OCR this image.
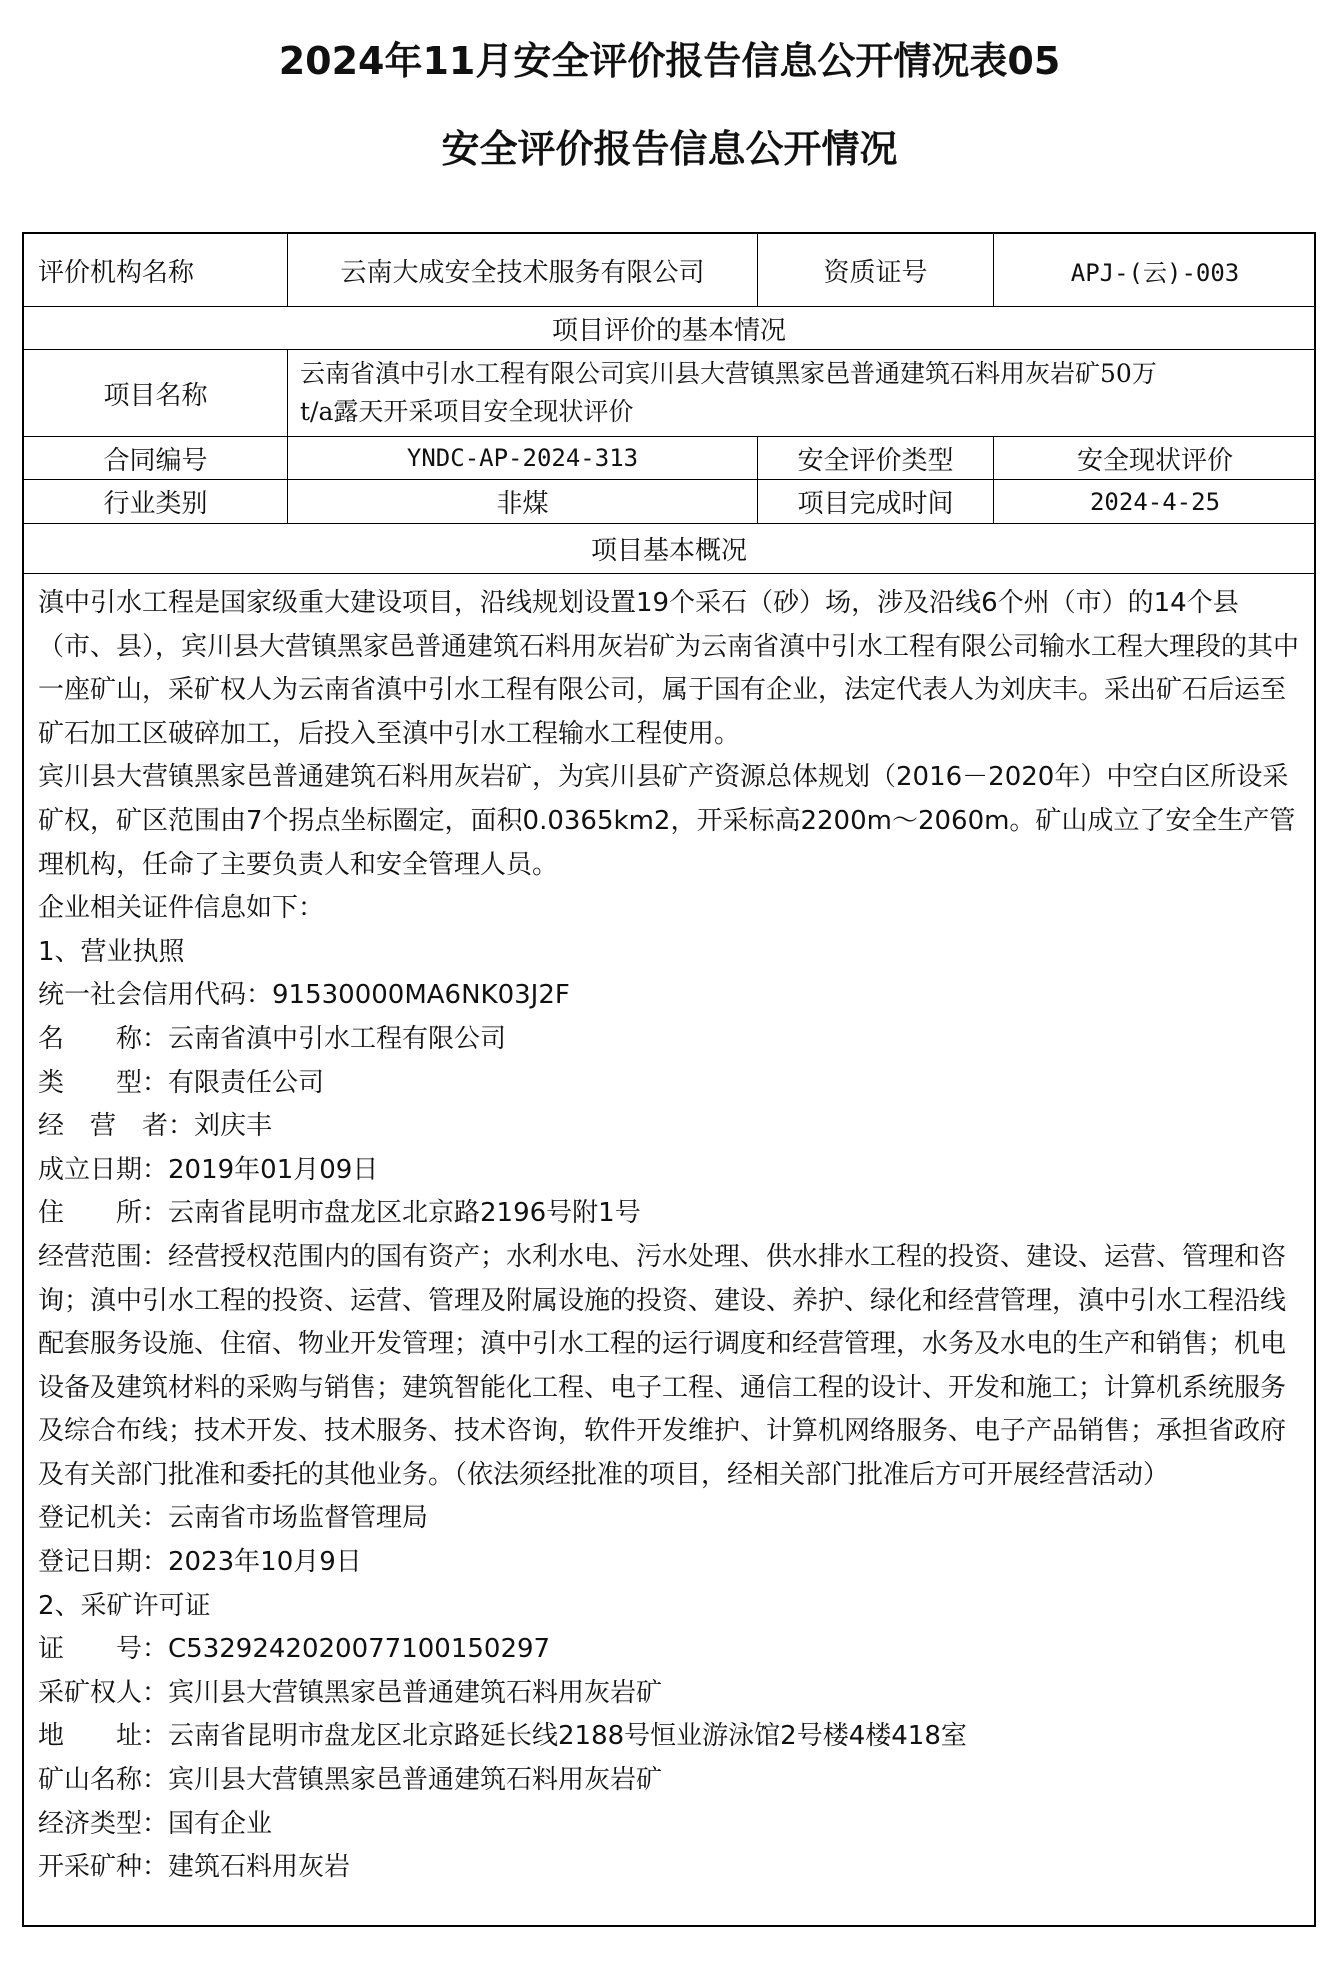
2024年11月安全评价报告信息公开情况表05
安全评价报告信息公开情况
评价机构名称	云南大成安全技术服务有限公司	资质证号	APJ-(云)-003
项目评价的基本情况
项目名称
云南省滇中引水工程有限公司宾川县大营镇黑家邑普通建筑石料用灰岩矿50万
t/a露天开采项目安全现状评价
合同编号	YNDC-AP-2024-313	安全评价类型	安全现状评价
行业类别	非煤	项目完成时间	2024-4-25
项目基本概况

滇中引水工程是国家级重大建设项目，沿线规划设置19个采石（砂）场，涉及沿线6个州（市）的14个县（市、县），宾川县大营镇黑家邑普通建筑石料用灰岩矿为云南省滇中引水工程有限公司输水工程大理段的其中一座矿山，采矿权人为云南省滇中引水工程有限公司，属于国有企业，法定代表人为刘庆丰。采出矿石后运至矿石加工区破碎加工，后投入至滇中引水工程输水工程使用。

宾川县大营镇黑家邑普通建筑石料用灰岩矿，为宾川县矿产资源总体规划（2016－2020年）中空白区所设采矿权，矿区范围由7个拐点坐标圈定，面积0.0365km2，开采标高2200m～2060m。矿山成立了安全生产管理机构，任命了主要负责人和安全管理人员。

企业相关证件信息如下：

1、营业执照

统一社会信用代码：91530000MA6NK03J2F

名　　称： 云南省滇中引水工程有限公司

类　　型： 有限责任公司

经　营　者： 刘庆丰

成立日期：2019年01月09日

住　　所： 云南省昆明市盘龙区北京路2196号附1号

经营范围：经营授权范围内的国有资产；水利水电、污水处理、供水排水工程的投资、建设、运营、管理和咨询；滇中引水工程的投资、运营、管理及附属设施的投资、建设、养护、绿化和经营管理，滇中引水工程沿线配套服务设施、住宿、物业开发管理；滇中引水工程的运行调度和经营管理，水务及水电的生产和销售；机电设备及建筑材料的采购与销售；建筑智能化工程、电子工程、通信工程的设计、开发和施工；计算机系统服务及综合布线；技术开发、技术服务、技术咨询，软件开发维护、计算机网络服务、电子产品销售；承担省政府及有关部门批准和委托的其他业务。（依法须经批准的项目，经相关部门批准后方可开展经营活动）

登记机关：云南省市场监督管理局

登记日期：2023年10月9日

2、采矿许可证

证　　号： C5329242020077100150297

采矿权人：宾川县大营镇黑家邑普通建筑石料用灰岩矿

地　　址： 云南省昆明市盘龙区北京路延长线2188号恒业游泳馆2号楼4楼418室

矿山名称：宾川县大营镇黑家邑普通建筑石料用灰岩矿

经济类型：国有企业

开采矿种：建筑石料用灰岩
